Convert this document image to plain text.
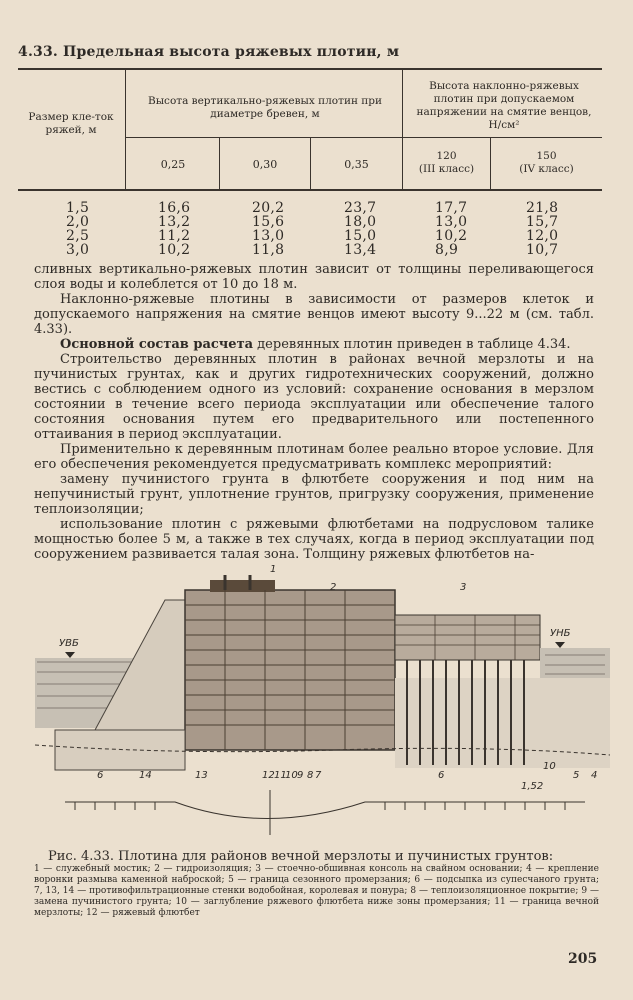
4.33. Предельная высота ряжевых плотин, м
Размер кле-ток ряжей, м
Высота вертикально-ряжевых плотин при диаметре бревен, м
Высота наклонно-ряжевых плотин при допускаемом напряжении на смятие венцов, Н/см²
0,25	0,30	0,35
120
(III класс)
150
(IV класс)
1,5	16,6	20,2	23,7	17,7	21,8
2,0	13,2	15,6	18,0	13,0	15,7
2,5	11,2	13,0	15,0	10,2	12,0
3,0	10,2	11,8	13,4	8,9	10,7

сливных вертикально-ряжевых плотин зависит от толщины переливающегося слоя воды и колеблется от 10 до 18 м.

Наклонно-ряжевые плотины в зависимости от размеров клеток и допускаемого напряжения на смятие венцов имеют высоту 9...22 м (см. табл. 4.33).

Основной состав расчета деревянных плотин приведен в таблице 4.34.

Строительство деревянных плотин в районах вечной мерзлоты и на пучинистых грунтах, как и других гидротехнических сооружений, должно вестись с соблюдением одного из условий: сохранение основания в мерзлом состоянии в течение всего периода эксплуатации или обеспечение талого состояния основания путем его предварительного или постепенного оттаивания в период эксплуатации.

Применительно к деревянным плотинам более реально второе условие. Для его обеспечения рекомендуется предусматривать комплекс мероприятий:

замену пучинистого грунта в флютбете сооружения и под ним на непучинистый грунт, уплотнение грунтов, пригрузку сооружения, применение теплоизоляции;

использование плотин с ряжевыми флютбетами на подрусловом талике мощностью более 5 м, а также в тех случаях, когда в период эксплуатации под сооружением развивается талая зона. Толщину ряжевых флютбетов на-

УВБ
УНБ
1
2	3
4
5
6	6
7
8
9
10
10
11
12
13
14
1,52
Рис. 4.33. Плотина для районов вечной мерзлоты и пучинистых грунтов:
1 — служебный мостик; 2 — гидроизоляция; 3 — стоечно-обшивная консоль на свайном основании; 4 — крепление воронки размыва каменной наброской; 5 — граница сезонного промерзания; 6 — подсыпка из супесчаного грунта; 7, 13, 14 — противофильтрационные стенки водобойная, королевая и понура; 8 — теплоизоляционное покрытие; 9 — замена пучинистого грунта; 10 — заглубление ряжевого флютбета ниже зоны промерзания; 11 — граница вечной мерзлоты; 12 — ряжевый флютбет
205
